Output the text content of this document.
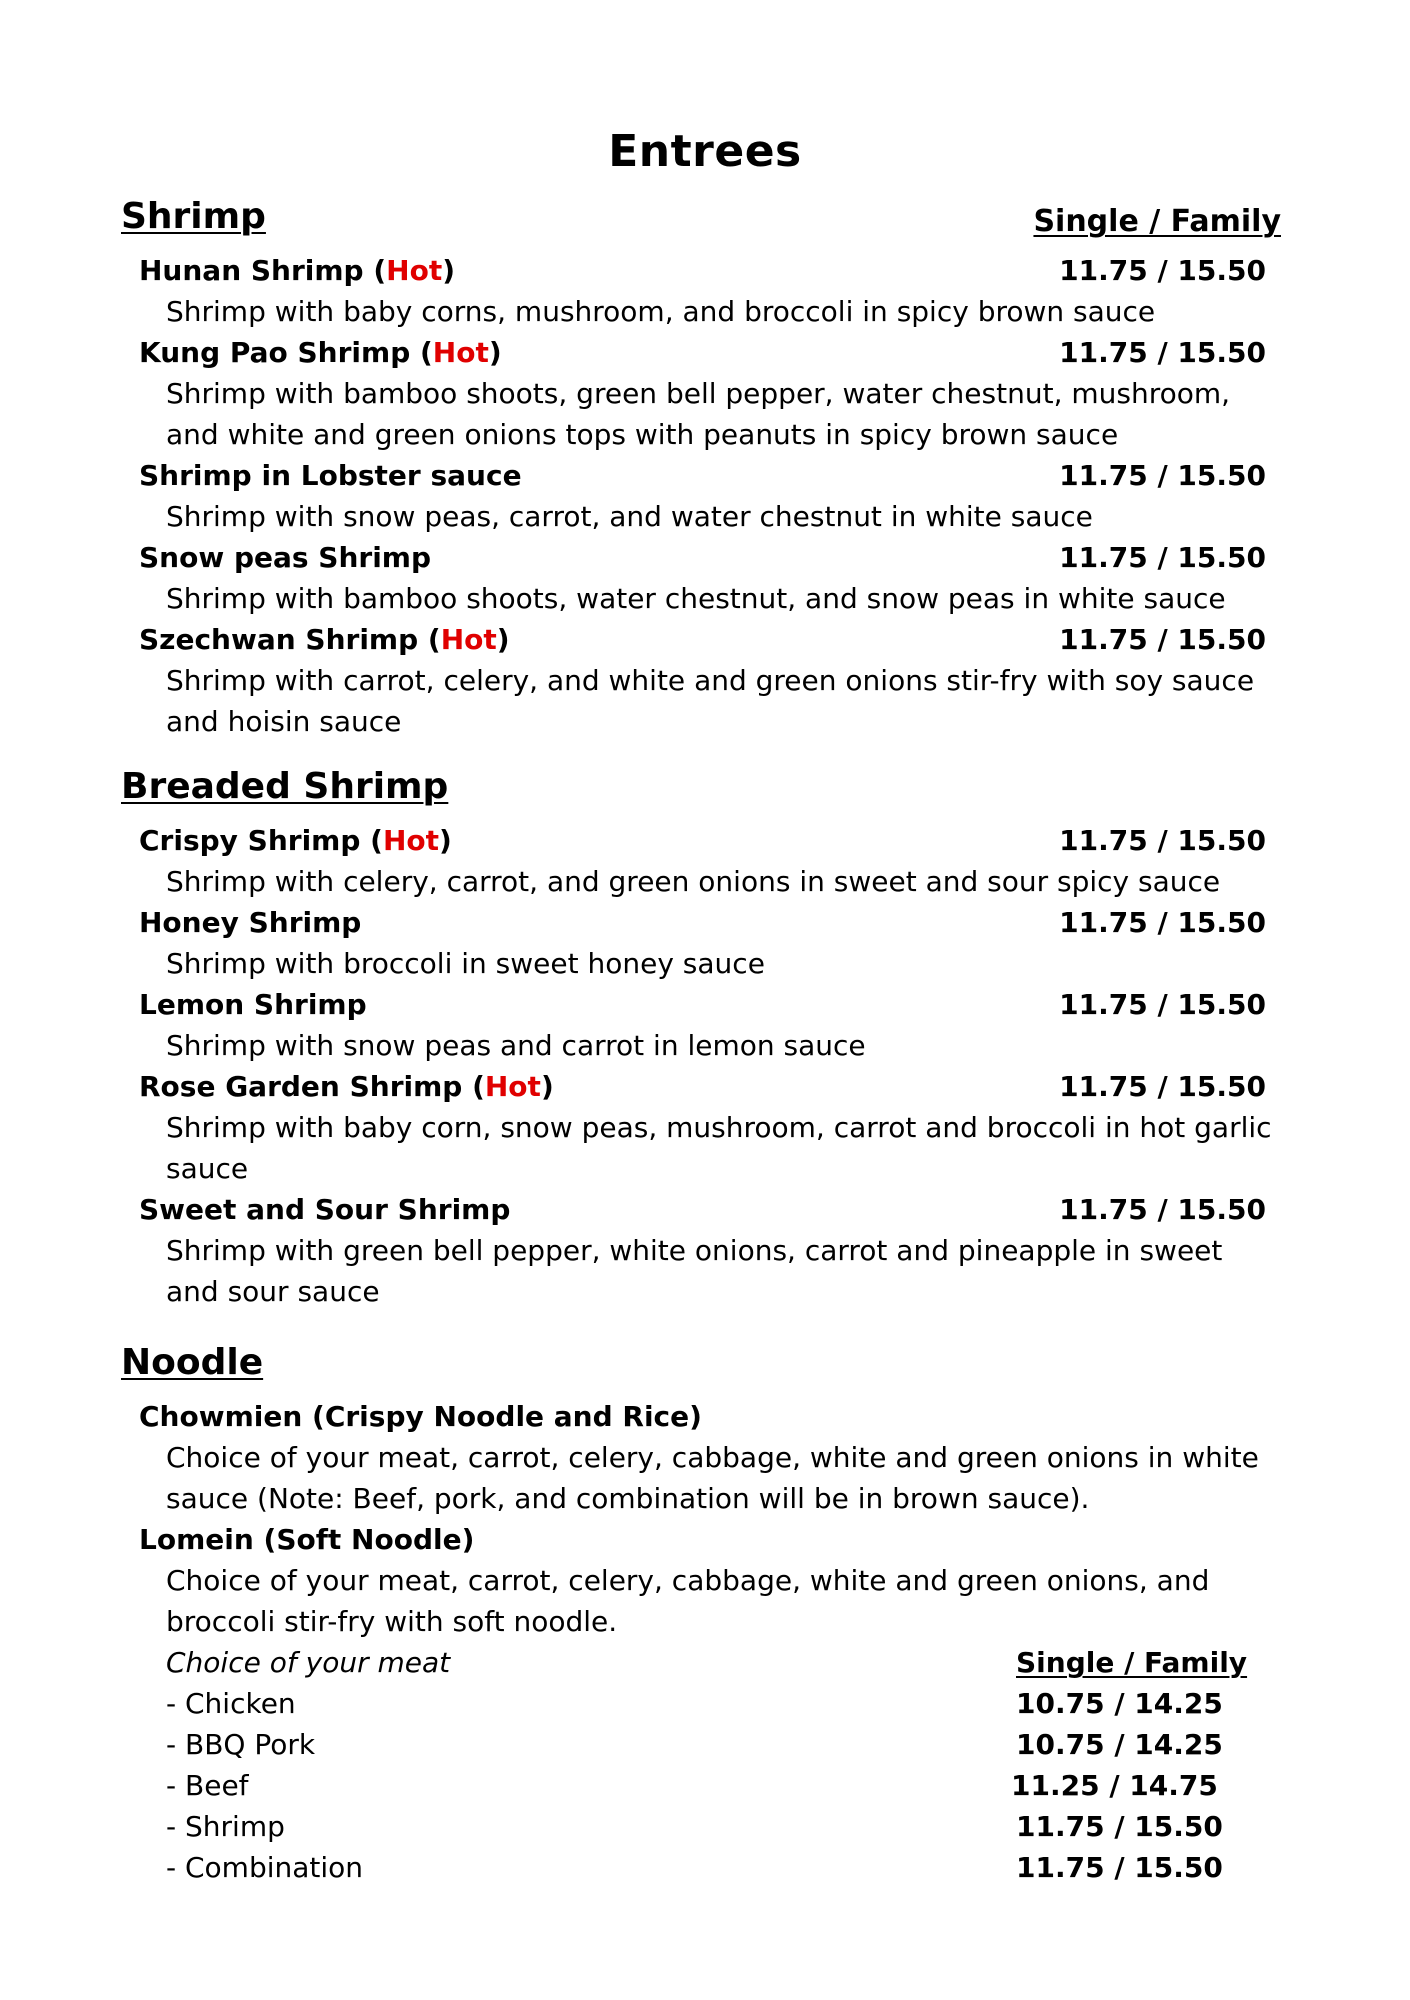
Entrees
Shrimp	Single / Family
Hunan Shrimp (Hot)	11.75 / 15.50
Shrimp with baby corns, mushroom, and broccoli in spicy brown sauce
Kung Pao Shrimp (Hot)	11.75 / 15.50
Shrimp with bamboo shoots, green bell pepper, water chestnut, mushroom, and white and green onions tops with peanuts in spicy brown sauce
Shrimp in Lobster sauce	11.75 / 15.50
Shrimp with snow peas, carrot, and water chestnut in white sauce
Snow peas Shrimp	11.75 / 15.50
Shrimp with bamboo shoots, water chestnut, and snow peas in white sauce
Szechwan Shrimp (Hot)	11.75 / 15.50
Shrimp with carrot, celery, and white and green onions stir-fry with soy sauce and hoisin sauce
Breaded Shrimp
Crispy Shrimp (Hot)	11.75 / 15.50
Shrimp with celery, carrot, and green onions in sweet and sour spicy sauce
Honey Shrimp	11.75 / 15.50
Shrimp with broccoli in sweet honey sauce
Lemon Shrimp	11.75 / 15.50
Shrimp with snow peas and carrot in lemon sauce
Rose Garden Shrimp (Hot)	11.75 / 15.50
Shrimp with baby corn, snow peas, mushroom, carrot and broccoli in hot garlic sauce
Sweet and Sour Shrimp	11.75 / 15.50
Shrimp with green bell pepper, white onions, carrot and pineapple in sweet and sour sauce
Noodle
Chowmien (Crispy Noodle and Rice)
Choice of your meat, carrot, celery, cabbage, white and green onions in white sauce (Note: Beef, pork, and combination will be in brown sauce).
Lomein (Soft Noodle)
Choice of your meat, carrot, celery, cabbage, white and green onions, and broccoli stir-fry with soft noodle.
Choice of your meat	Single / Family
- Chicken	10.75 / 14.25
- BBQ Pork	10.75 / 14.25
- Beef	11.25 / 14.75
- Shrimp	11.75 / 15.50
- Combination	11.75 / 15.50
